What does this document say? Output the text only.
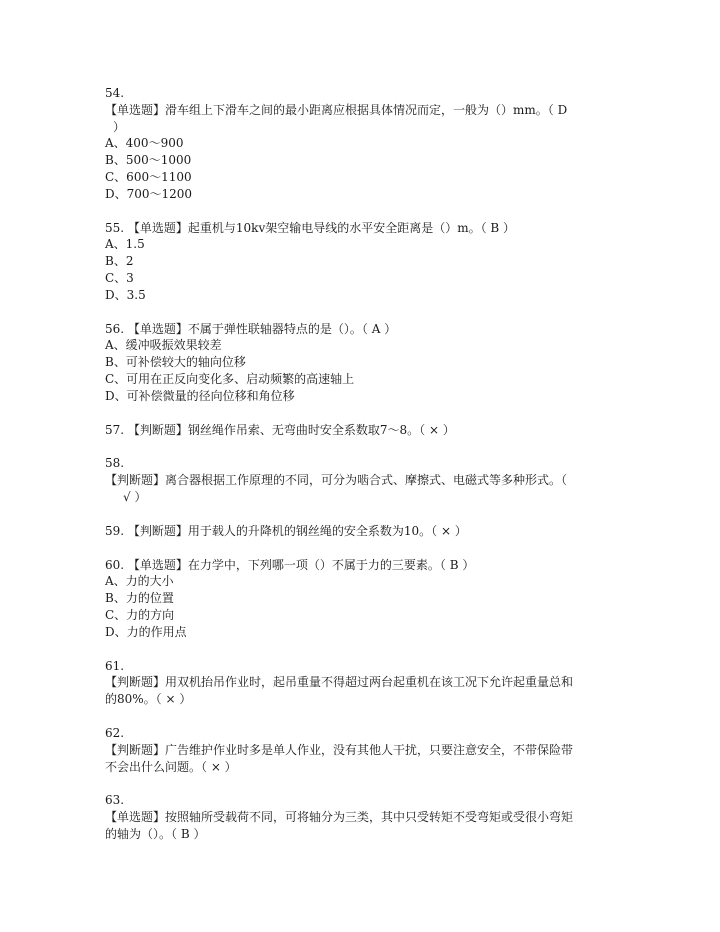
54.
【单选题】滑车组上下滑车之间的最小距离应根据具体情况而定，一般为（）mm。（ D
）
A、400～900
B、500～1000
C、600～1100
D、700～1200
55. 【单选题】起重机与10kv架空输电导线的水平安全距离是（）m。（ B ）
A、1.5
B、2
C、3
D、3.5
56. 【单选题】不属于弹性联轴器特点的是（）。（ A ）
A、缓冲吸振效果较差
B、可补偿较大的轴向位移
C、可用在正反向变化多、启动频繁的高速轴上
D、可补偿微量的径向位移和角位移
57. 【判断题】钢丝绳作吊索、无弯曲时安全系数取7～8。（ × ）
58.
【判断题】离合器根据工作原理的不同，可分为啮合式、摩擦式、电磁式等多种形式。（
√ ）
59. 【判断题】用于载人的升降机的钢丝绳的安全系数为10。（ × ）
60. 【单选题】在力学中，下列哪一项（）不属于力的三要素。（ B ）
A、力的大小
B、力的位置
C、力的方向
D、力的作用点
61.
【判断题】用双机抬吊作业时，起吊重量不得超过两台起重机在该工况下允许起重量总和
的80%。（ × ）
62.
【判断题】广告维护作业时多是单人作业，没有其他人干扰，只要注意安全，不带保险带
不会出什么问题。（ × ）
63.
【单选题】按照轴所受载荷不同，可将轴分为三类，其中只受转矩不受弯矩或受很小弯矩
的轴为（）。（ B ）
